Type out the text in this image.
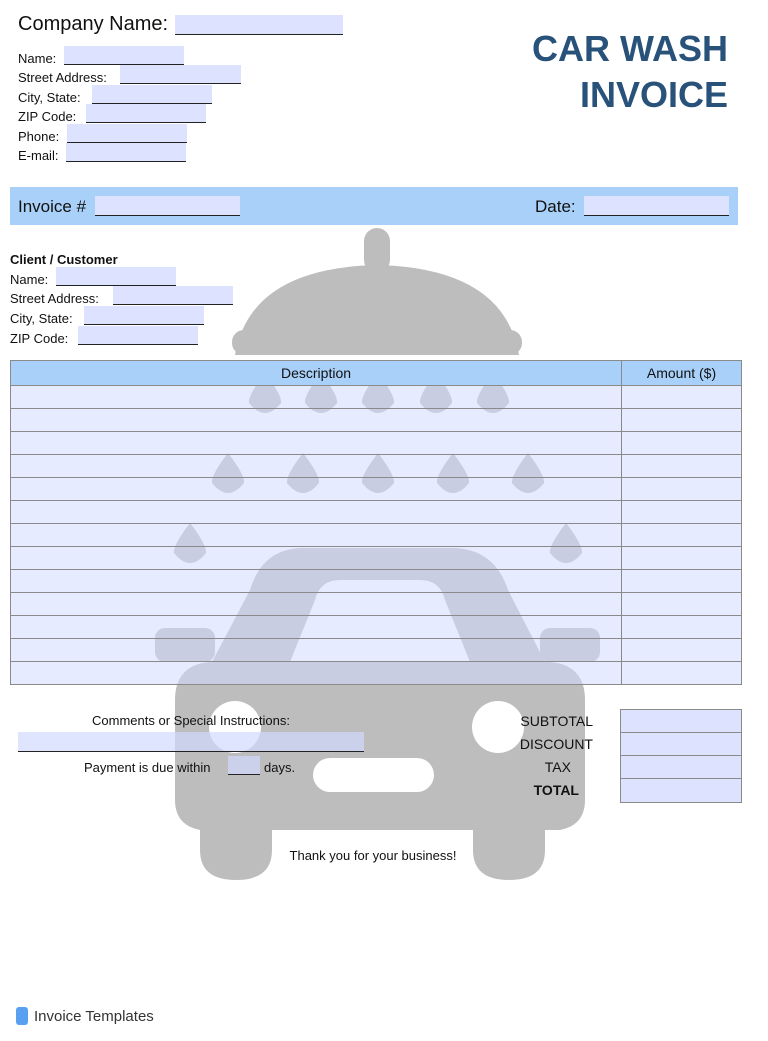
Company Name:
Name:
Street Address:
City, State:
ZIP Code:
Phone:
E-mail:
CAR WASH
INVOICE
Invoice #	Date:
Client / Customer
Name:
Street Address:
City, State:
ZIP Code:
Description	Amount ($)

Comments or Special Instructions:
Payment is due within	days.
Thank you for your business!
SUBTOTAL
DISCOUNT
TAX
TOTAL
Invoice Templates
